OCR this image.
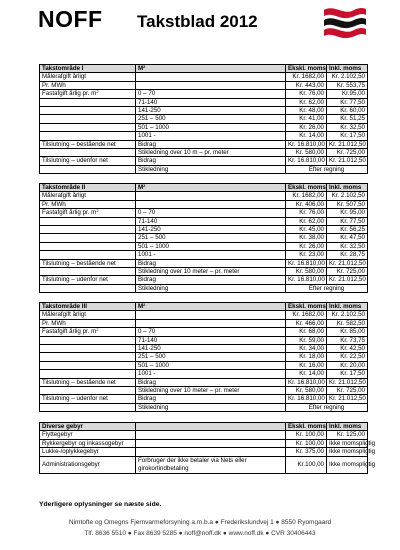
NOFF Takstblad 2012
Takstområde I	$M^2$	Ekskl. moms	Inkl. moms
Målerafgift årligt		Kr. 1682,00	Kr. 2.102,50
Pr. MWh		Kr. 443,00	Kr. 553,75
Fastafgift årlig pr. $m^2$	0 – 70	Kr. 76,00	Kr.95,00
	71-140	Kr. 62,00	Kr. 77,50
	141-250	Kr. 48,00	Kr. 60,00
	251 – 500	Kr. 41,00	Kr. 51,25
	501 – 1000	Kr. 26,00	Kr. 32,50
	1001 -	Kr. 14,00	Kr. 17,50
Tilslutning – bestående net	Bidrag	Kr. 16.810,00	Kr. 21.012,50
	Stikledning over 10 m – pr. meter	Kr. 580,00	Kr. 725,00
Tilslutning – udenfor net	Bidrag	Kr. 16.810,00	Kr. 21.012,50
	Stikledning	Efter regning	
Takstområde II	$M^2$	Ekskl. moms	Inkl. moms
Målerafgift årligt		Kr. 1682,00	Kr. 2.102,50
Pr. MWh		Kr. 406,00	Kr. 507,50
Fastafgift årlig pr. $m^2$	0 – 70	Kr. 76,00	Kr. 95,00
	71-140	Kr. 62,00	Kr. 77,50
	141-250	Kr. 45,00	Kr. 56,25
	251 – 500	Kr. 38,00	Kr. 47,50
	501 – 1000	Kr. 26,00	Kr. 32,50
	1001 -	Kr. 23,00	Kr. 28,75
Tilslutning – bestående net	Bidrag	Kr. 16.810,00	Kr. 21.012,50
	Stikledning over 10 meter – pr. meter	Kr. 580,00	Kr. 725,00
Tilslutning – udenfor net	Bidrag	Kr. 16.810,00	Kr. 21.012,50
	Stikledning	Efter regning	
Takstområde III	$M^2$	Ekskl. moms	Inkl. moms
Målerafgift årligt		Kr. 1682,00	Kr. 2.102,50
Pr. MWh		Kr. 466,00	Kr. 582,50
Fastafgift årlig pr. $m^2$	0 – 70	Kr. 68,00	Kr. 85,00
	71-140	Kr. 59,00	Kr. 73,75
	141-250	Kr. 34,00	Kr. 42,50
	251 – 500	Kr. 18,00	Kr. 22,50
	501 – 1000	Kr. 16,00	Kr. 20,00
	1001 -	Kr. 14,00	Kr. 17,50
Tilslutning – bestående net	Bidrag	Kr. 16.810,00	Kr. 21.012,50
	Stikledning over 10 meter – pr. meter	Kr. 580,00	Kr. 725,00
Tilslutning – udenfor net	Bidrag	Kr. 16.810,00	Kr. 21.012,50
	Stikledning	Efter regning	
Diverse gebyr		Ekskl. moms	Inkl. moms
Flyttegebyr		Kr. 100,00	Kr. 125,00
Rykkergebyr og inkassogebyr		Kr. 100,00	Ikke momspligtig
Lukke-/oplykkegebyr		Kr. 375,00	Ikke momspligtig
Administrationsgebyr	Forbruger der ikke betaler via Nets eller girokortindbetaling	Kr.100,00	Ikke momspligtig
Yderligere oplysninger se næste side.
Nimtofte og Omegns Fjernvarmeforsyning a.m.b.a ● Frederikslundvej 1 ● 8550 Ryomgaard
Tlf. 8636 5510 ● Fax 8639 5285 ● noff@noff.dk ● www.noff.dk ● CVR 30406443
